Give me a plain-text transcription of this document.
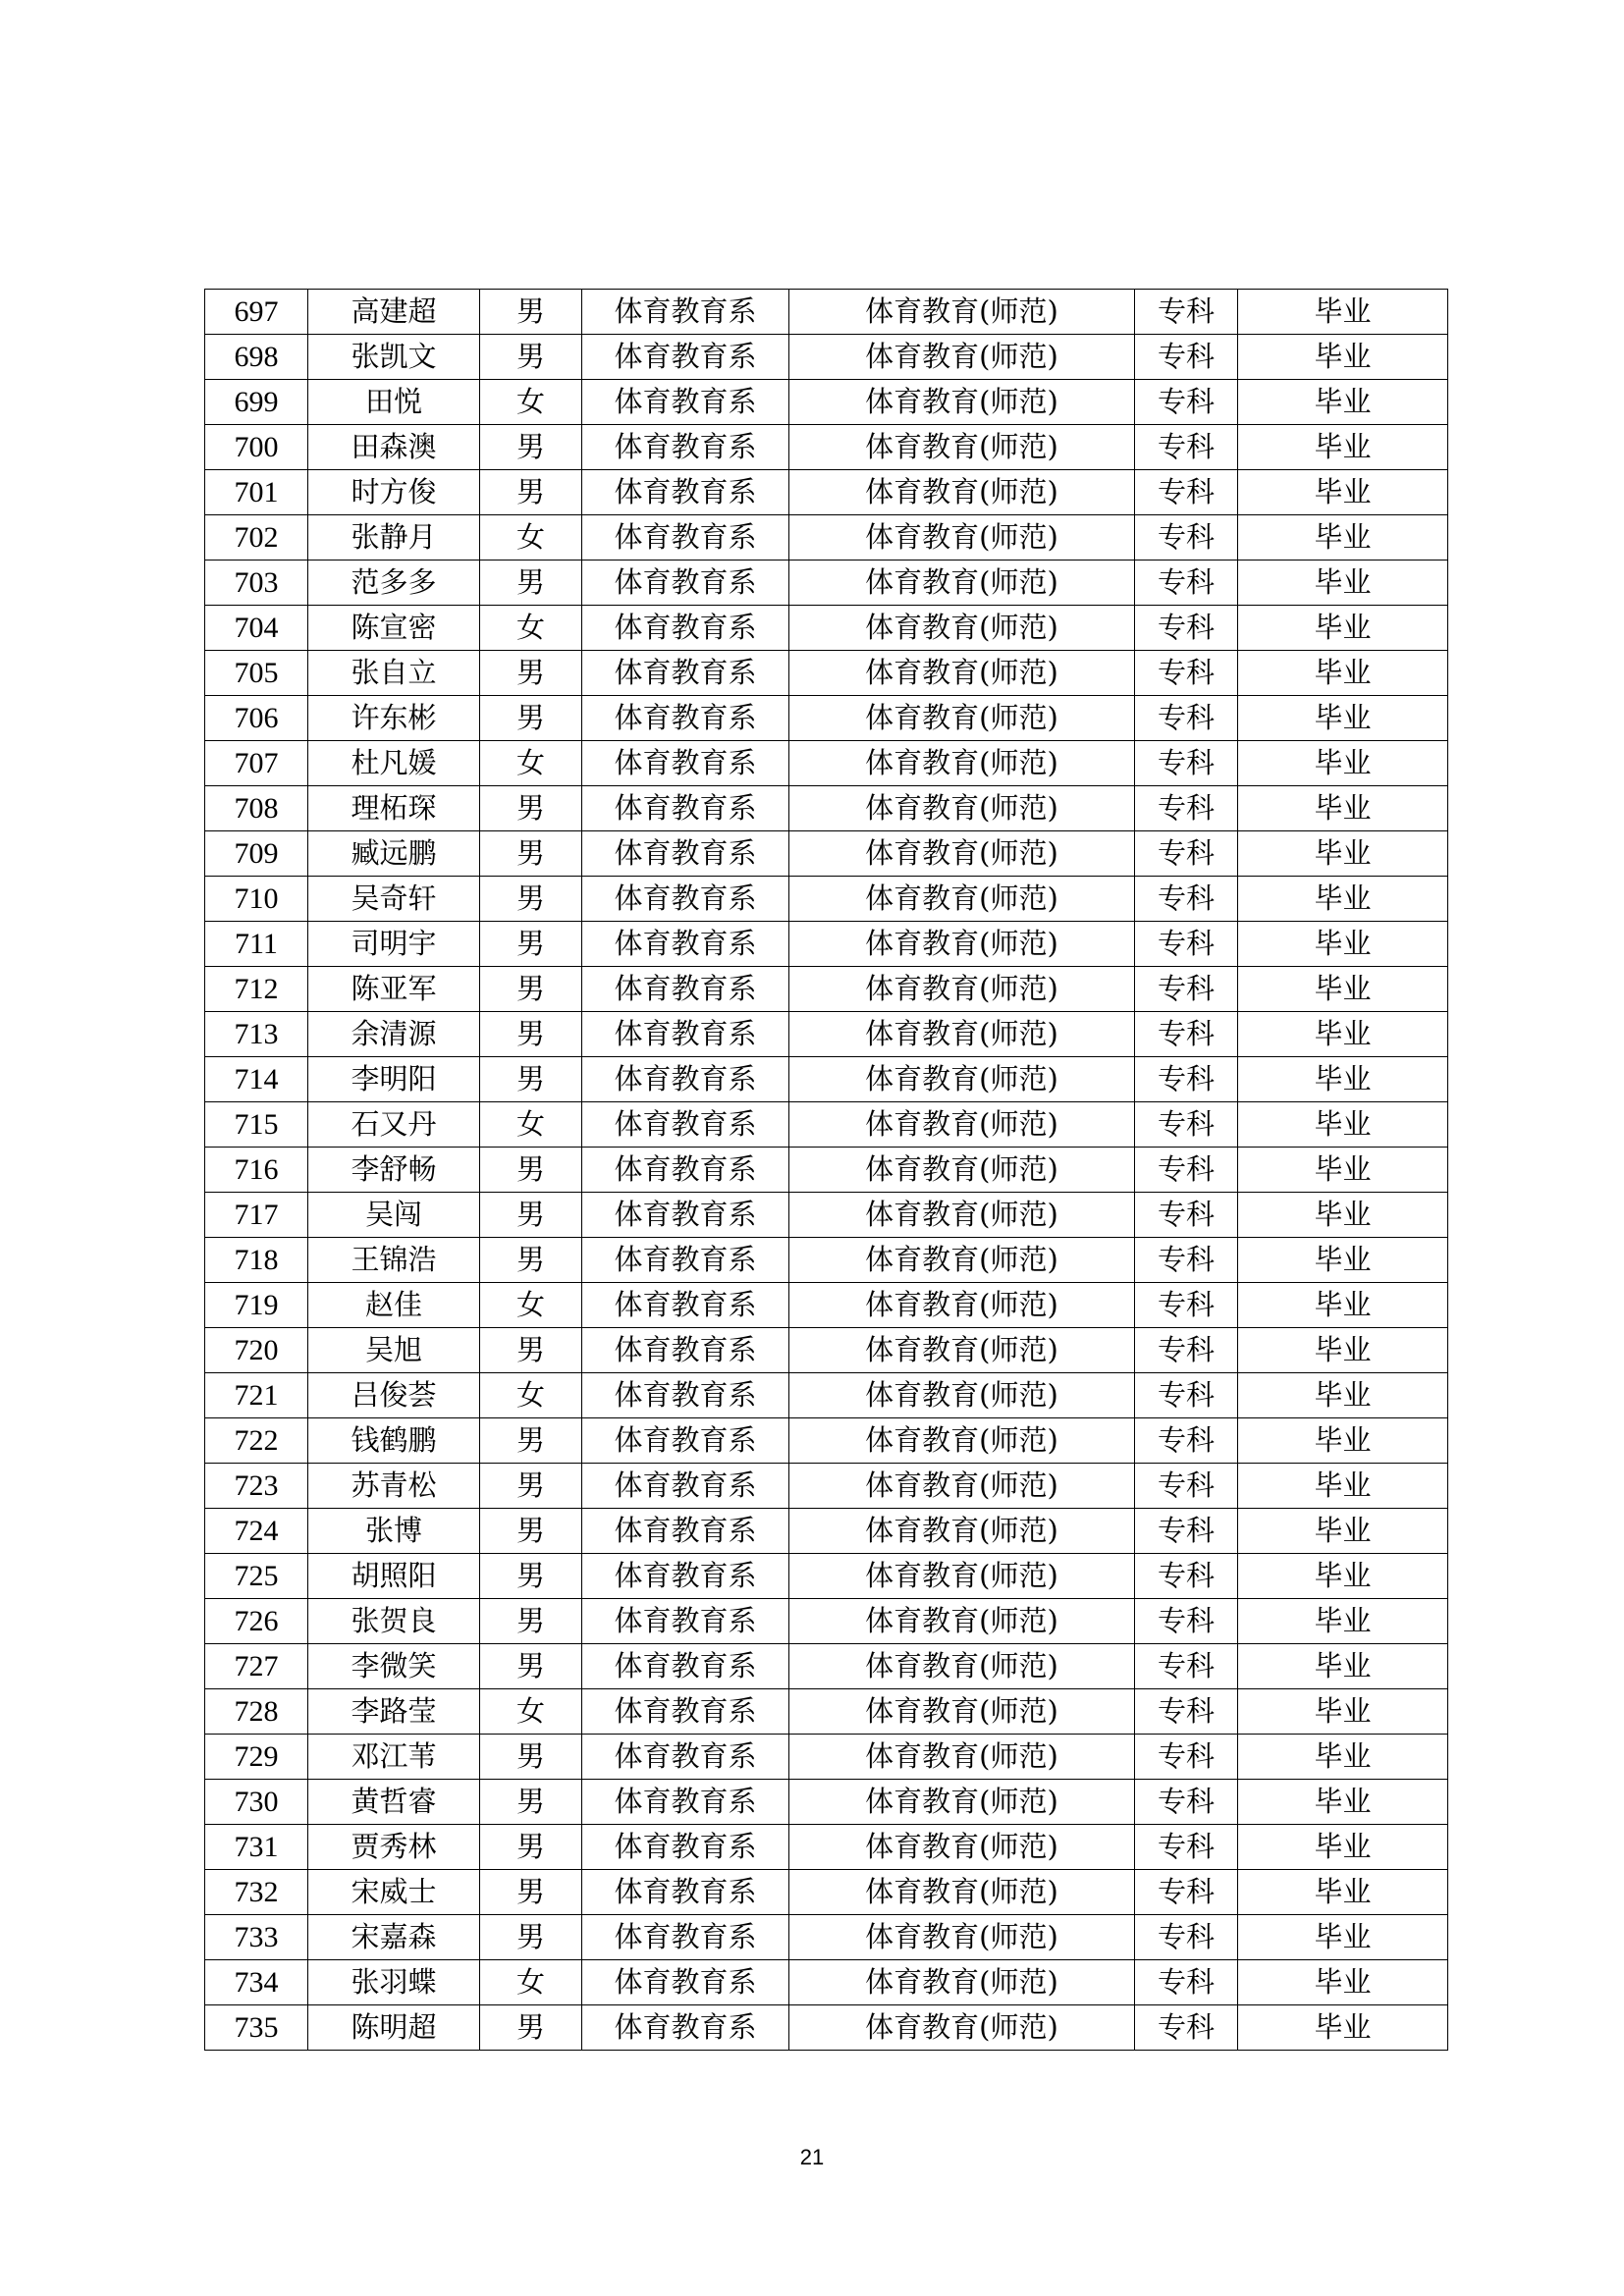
697	高建超	男	体育教育系	体育教育(师范)	专科	毕业
698	张凯文	男	体育教育系	体育教育(师范)	专科	毕业
699	田悦	女	体育教育系	体育教育(师范)	专科	毕业
700	田森澳	男	体育教育系	体育教育(师范)	专科	毕业
701	时方俊	男	体育教育系	体育教育(师范)	专科	毕业
702	张静月	女	体育教育系	体育教育(师范)	专科	毕业
703	范多多	男	体育教育系	体育教育(师范)	专科	毕业
704	陈宣密	女	体育教育系	体育教育(师范)	专科	毕业
705	张自立	男	体育教育系	体育教育(师范)	专科	毕业
706	许东彬	男	体育教育系	体育教育(师范)	专科	毕业
707	杜凡媛	女	体育教育系	体育教育(师范)	专科	毕业
708	理柘琛	男	体育教育系	体育教育(师范)	专科	毕业
709	臧远鹏	男	体育教育系	体育教育(师范)	专科	毕业
710	吴奇轩	男	体育教育系	体育教育(师范)	专科	毕业
711	司明宇	男	体育教育系	体育教育(师范)	专科	毕业
712	陈亚军	男	体育教育系	体育教育(师范)	专科	毕业
713	余清源	男	体育教育系	体育教育(师范)	专科	毕业
714	李明阳	男	体育教育系	体育教育(师范)	专科	毕业
715	石又丹	女	体育教育系	体育教育(师范)	专科	毕业
716	李舒畅	男	体育教育系	体育教育(师范)	专科	毕业
717	吴闯	男	体育教育系	体育教育(师范)	专科	毕业
718	王锦浩	男	体育教育系	体育教育(师范)	专科	毕业
719	赵佳	女	体育教育系	体育教育(师范)	专科	毕业
720	吴旭	男	体育教育系	体育教育(师范)	专科	毕业
721	吕俊荟	女	体育教育系	体育教育(师范)	专科	毕业
722	钱鹤鹏	男	体育教育系	体育教育(师范)	专科	毕业
723	苏青松	男	体育教育系	体育教育(师范)	专科	毕业
724	张博	男	体育教育系	体育教育(师范)	专科	毕业
725	胡照阳	男	体育教育系	体育教育(师范)	专科	毕业
726	张贺良	男	体育教育系	体育教育(师范)	专科	毕业
727	李微笑	男	体育教育系	体育教育(师范)	专科	毕业
728	李路莹	女	体育教育系	体育教育(师范)	专科	毕业
729	邓江苇	男	体育教育系	体育教育(师范)	专科	毕业
730	黄哲睿	男	体育教育系	体育教育(师范)	专科	毕业
731	贾秀林	男	体育教育系	体育教育(师范)	专科	毕业
732	宋威士	男	体育教育系	体育教育(师范)	专科	毕业
733	宋嘉森	男	体育教育系	体育教育(师范)	专科	毕业
734	张羽蝶	女	体育教育系	体育教育(师范)	专科	毕业
735	陈明超	男	体育教育系	体育教育(师范)	专科	毕业
21
